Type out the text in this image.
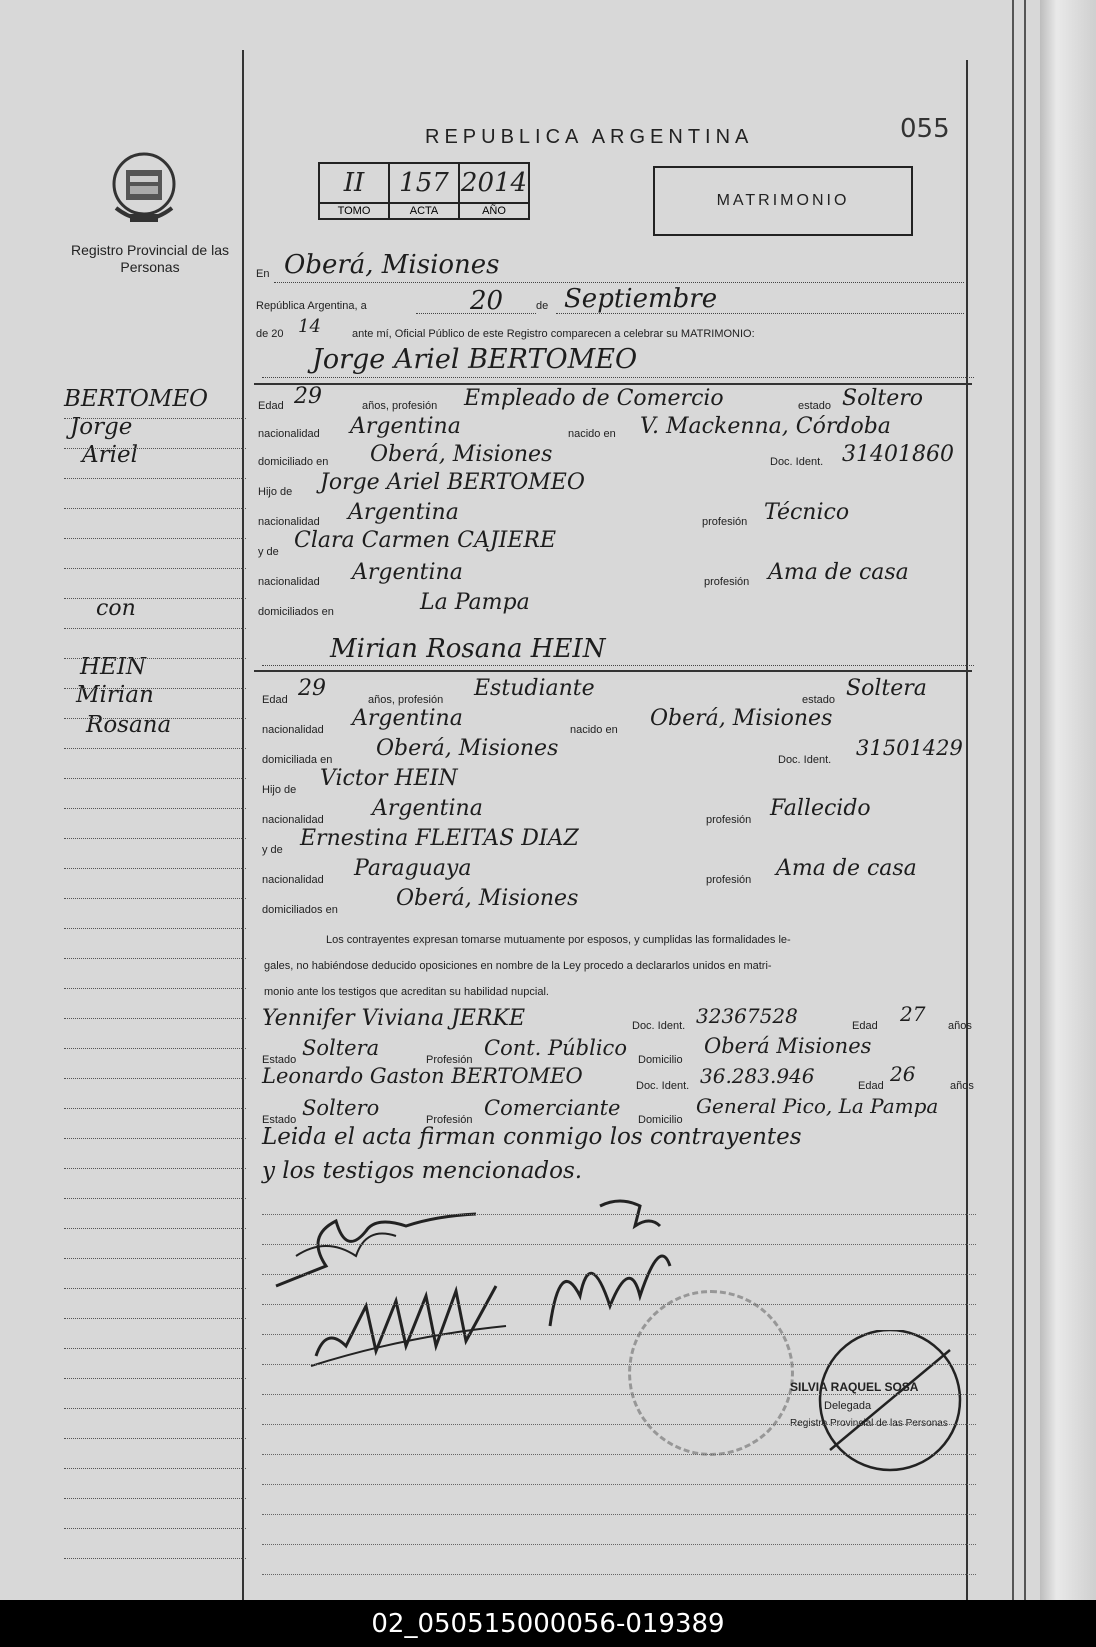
055
REPUBLICA ARGENTINA
II	157	2014
TOMO	ACTA	AÑO
MATRIMONIO
Registro Provincial de las Personas
BERTOMEO
Jorge
Ariel
con
HEIN
Mirian
Rosana
En Oberá, Misiones
República Argentina, a	20	de Septiembre
de 20 14	ante mí, Oficial Público de este Registro comparecen a celebrar su MATRIMONIO:
Jorge Ariel BERTOMEO
Edad 29	años, profesión Empleado de Comercio	estado Soltero
nacionalidad Argentina	nacido en V. Mackenna, Córdoba
domiciliado en Oberá, Misiones	Doc. Ident. 31401860
Hijo de Jorge Ariel BERTOMEO
nacionalidad Argentina	profesión Técnico
y de Clara Carmen CAJIERE
nacionalidad Argentina	profesión Ama de casa
domiciliados en	La Pampa
Mirian Rosana HEIN
Edad 29	años, profesión Estudiante	estado Soltera
nacionalidad Argentina	nacido en Oberá, Misiones
domiciliada en Oberá, Misiones	Doc. Ident. 31501429
Hijo de Victor HEIN
nacionalidad Argentina	profesión Fallecido
y de Ernestina FLEITAS DIAZ
nacionalidad Paraguaya	profesión Ama de casa
domiciliados en	Oberá, Misiones
Los contrayentes expresan tomarse mutuamente por esposos, y cumplidas las formalidades le-
gales, no habiéndose deducido oposiciones en nombre de la Ley procedo a declararlos unidos en matri-
monio ante los testigos que acreditan su habilidad nupcial.
Yennifer Viviana JERKE	Doc. Ident. 32367528	Edad 27 años
Estado Soltera	Profesión Cont. Público Domicilio
Oberá Misiones
Leonardo Gaston BERTOMEO	Doc. Ident. 36.283.946	Edad 26	años
Estado Soltero	Profesión Comerciante Domicilio
General Pico, La Pampa
Leida el acta firman conmigo los contrayentes
y los testigos mencionados.
SILVIA RAQUEL SOSA
Delegada
Registro Provincial de las Personas
02_050515000056-019389
